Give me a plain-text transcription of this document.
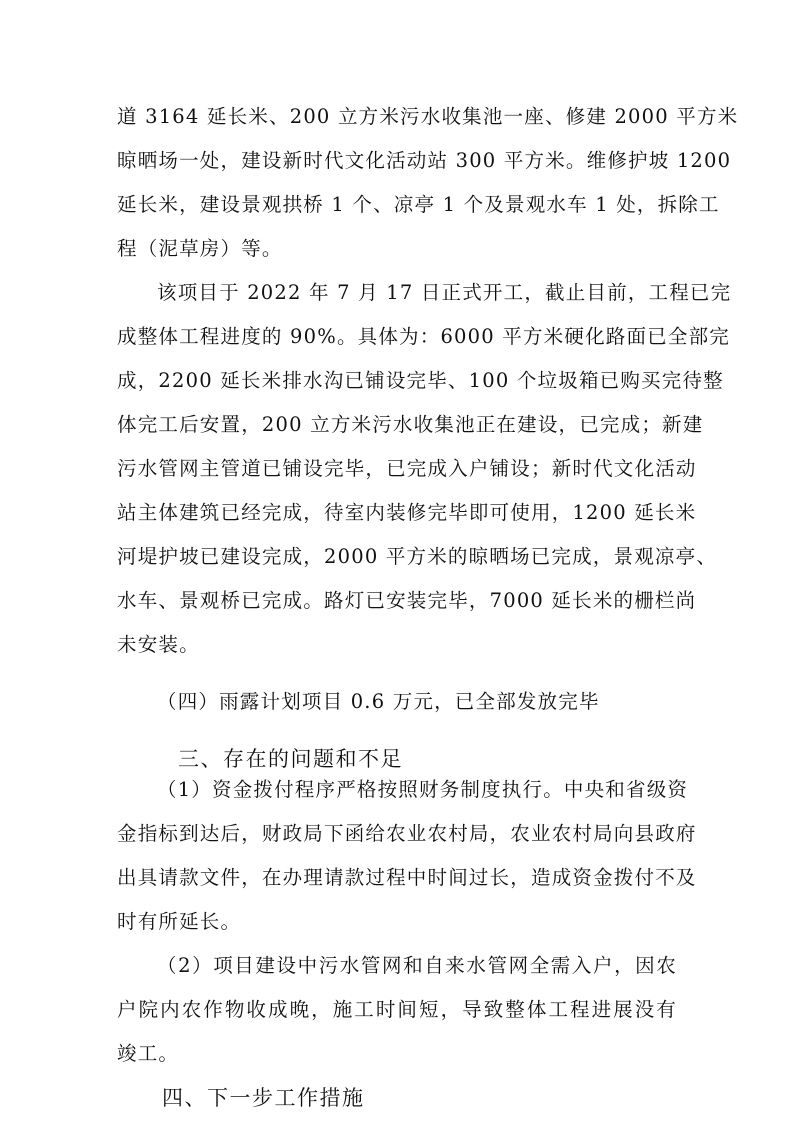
道 3164 延长米、200 立方米污水收集池一座、修建 2000 平方米
晾晒场一处，建设新时代文化活动站 300 平方米。维修护坡 1200
延长米，建设景观拱桥 1 个、凉亭 1 个及景观水车 1 处，拆除工
程（泥草房）等。
该项目于 2022 年 7 月 17 日正式开工，截止目前，工程已完
成整体工程进度的 90%。具体为：6000 平方米硬化路面已全部完
成，2200 延长米排水沟已铺设完毕、100 个垃圾箱已购买完待整
体完工后安置，200 立方米污水收集池正在建设，已完成；新建
污水管网主管道已铺设完毕，已完成入户铺设；新时代文化活动
站主体建筑已经完成，待室内装修完毕即可使用，1200 延长米
河堤护坡已建设完成，2000 平方米的晾晒场已完成，景观凉亭、
水车、景观桥已完成。路灯已安装完毕，7000 延长米的栅栏尚
未安装。
（四）雨露计划项目 0.6 万元，已全部发放完毕
三、存在的问题和不足
（1）资金拨付程序严格按照财务制度执行。中央和省级资
金指标到达后，财政局下函给农业农村局，农业农村局向县政府
出具请款文件，在办理请款过程中时间过长，造成资金拨付不及
时有所延长。
（2）项目建设中污水管网和自来水管网全需入户，因农
户院内农作物收成晚，施工时间短，导致整体工程进展没有
竣工。
四、下一步工作措施
